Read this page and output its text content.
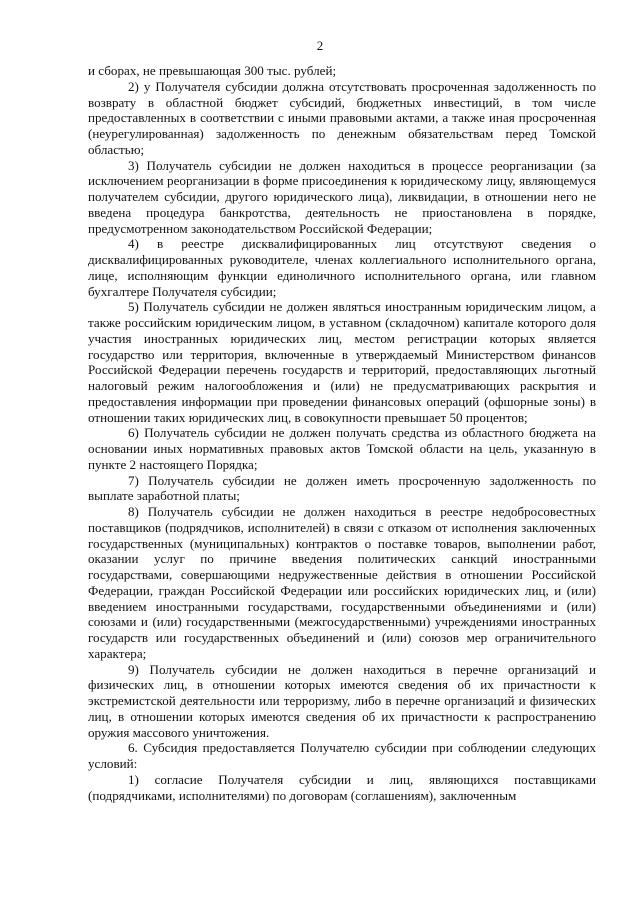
2

и сборах, не превышающая 300 тыс. рублей;

2) у Получателя субсидии должна отсутствовать просроченная задолженность по возврату в областной бюджет субсидий, бюджетных инвестиций, в том числе предоставленных в соответствии с иными правовыми актами, а также иная просроченная (неурегулированная) задолженность по денежным обязательствам перед Томской областью;

3) Получатель субсидии не должен находиться в процессе реорганизации (за исключением реорганизации в форме присоединения к юридическому лицу, являющемуся получателем субсидии, другого юридического лица), ликвидации, в отношении него не введена процедура банкротства, деятельность не приостановлена в порядке, предусмотренном законодательством Российской Федерации;

4) в реестре дисквалифицированных лиц отсутствуют сведения о дисквалифицированных руководителе, членах коллегиального исполнительного органа, лице, исполняющим функции единоличного исполнительного органа, или главном бухгалтере Получателя субсидии;

5) Получатель субсидии не должен являться иностранным юридическим лицом, а также российским юридическим лицом, в уставном (складочном) капитале которого доля участия иностранных юридических лиц, местом регистрации которых является государство или территория, включенные в утверждаемый Министерством финансов Российской Федерации перечень государств и территорий, предоставляющих льготный налоговый режим налогообложения и (или) не предусматривающих раскрытия и предоставления информации при проведении финансовых операций (офшорные зоны) в отношении таких юридических лиц, в совокупности превышает 50 процентов;

6) Получатель субсидии не должен получать средства из областного бюджета на основании иных нормативных правовых актов Томской области на цель, указанную в пункте 2 настоящего Порядка;

7) Получатель субсидии не должен иметь просроченную задолженность по выплате заработной платы;

8) Получатель субсидии не должен находиться в реестре недобросовестных поставщиков (подрядчиков, исполнителей) в связи с отказом от исполнения заключенных государственных (муниципальных) контрактов о поставке товаров, выполнении работ, оказании услуг по причине введения политических санкций иностранными государствами, совершающими недружественные действия в отношении Российской Федерации, граждан Российской Федерации или российских юридических лиц, и (или) введением иностранными государствами, государственными объединениями и (или) союзами и (или) государственными (межгосударственными) учреждениями иностранных государств или государственных объединений и (или) союзов мер ограничительного характера;

9) Получатель субсидии не должен находиться в перечне организаций и физических лиц, в отношении которых имеются сведения об их причастности к экстремистской деятельности или терроризму, либо в перечне организаций и физических лиц, в отношении которых имеются сведения об их причастности к распространению оружия массового уничтожения.

6. Субсидия предоставляется Получателю субсидии при соблюдении следующих условий:

1) согласие Получателя субсидии и лиц, являющихся поставщиками (подрядчиками, исполнителями) по договорам (соглашениям), заключенным
